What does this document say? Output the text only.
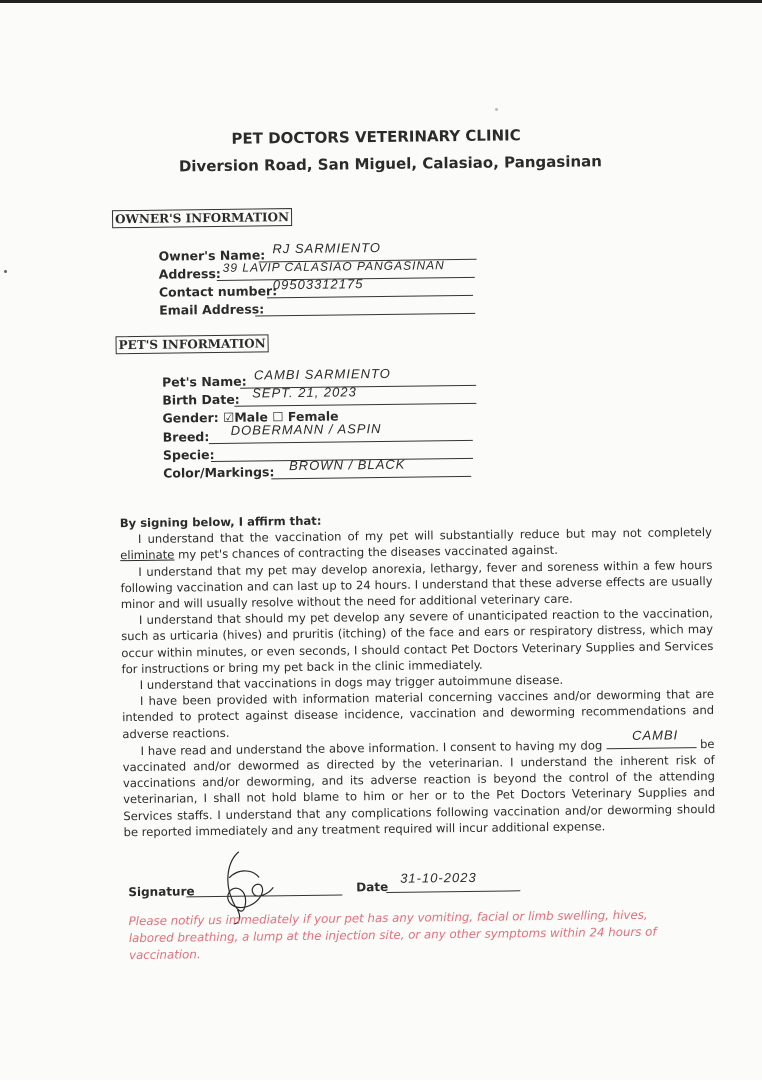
PET DOCTORS VETERINARY CLINIC
Diversion Road, San Miguel, Calasiao, Pangasinan
OWNER'S INFORMATION
Owner's Name: RJ SARMIENTO
Address: 39 LAVIP CALASIAO PANGASINAN
Contact number:
09503312175
Email Address:
PET'S INFORMATION
Pet's Name: CAMBI SARMIENTO
Birth Date: SEPT. 21, 2023
Gender: ☑Male ☐ Female
Breed: DOBERMANN / ASPIN
Specie:
Color/Markings: BROWN / BLACK

By signing below, I affirm that:

I understand that the vaccination of my pet will substantially reduce but may not completely eliminate my pet's chances of contracting the diseases vaccinated against.

I understand that my pet may develop anorexia, lethargy, fever and soreness within a few hours following vaccination and can last up to 24 hours. I understand that these adverse effects are usually minor and will usually resolve without the need for additional veterinary care.

I understand that should my pet develop any severe of unanticipated reaction to the vaccination, such as urticaria (hives) and pruritis (itching) of the face and ears or respiratory distress, which may occur within minutes, or even seconds, I should contact Pet Doctors Veterinary Supplies and Services for instructions or bring my pet back in the clinic immediately.

I understand that vaccinations in dogs may trigger autoimmune disease.

I have been provided with information material concerning vaccines and/or deworming that are intended to protect against disease incidence, vaccination and deworming recommendations and adverse reactions.

I have read and understand the above information. I consent to having my dog
CAMBI
be vaccinated and/or dewormed as directed by the veterinarian. I understand the inherent risk of vaccinations and/or deworming, and its adverse reaction is beyond the control of the attending veterinarian, I shall not hold blame to him or her or to the Pet Doctors Veterinary Supplies and Services staffs. I understand that any complications following vaccination and/or deworming should be reported immediately and any treatment required will incur additional expense.

Signature	Date
31-10-2023
Please notify us immediately if your pet has any vomiting, facial or limb swelling, hives, labored breathing, a lump at the injection site, or any other symptoms within 24 hours of vaccination.
